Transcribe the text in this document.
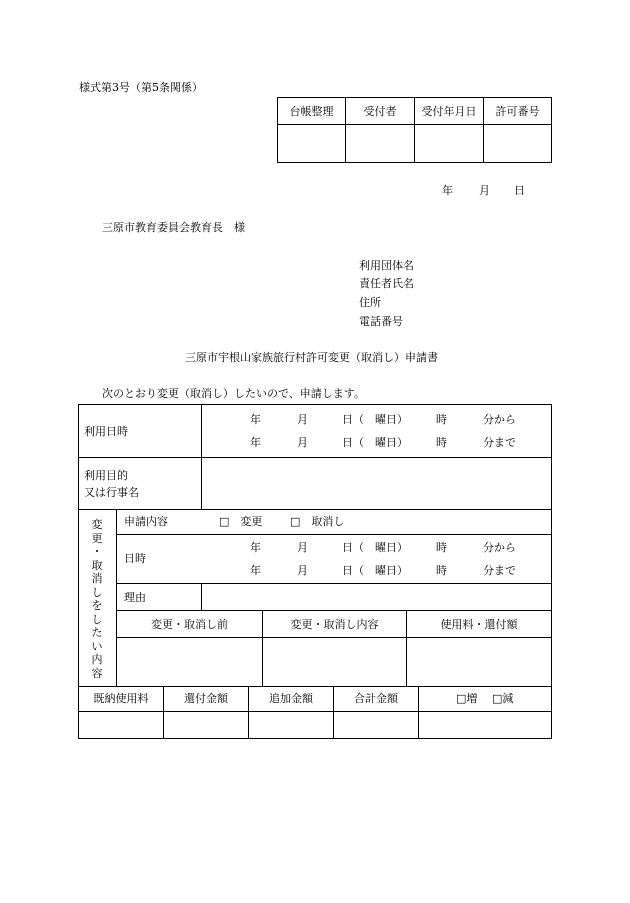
様式第3号（第5条関係）
台帳整理	受付者	受付年月日	許可番号
年 月 日
三原市教育委員会教育長　様
利用団体名
責任者氏名
住所
電話番号
三原市宇根山家族旅行村許可変更（取消し）申請書
次のとおり変更（取消し）したいので、申請します。
利用日時
年	月	日（　曜日）	時	分から
年	月	日（　曜日）	時	分まで
利用目的
又は行事名
変
更
・
取
消
し
を
し
た
い
内
容
申請内容	□　変更	□　取消し
日時
年	月	日（　曜日）	時	分から
年	月	日（　曜日）	時	分まで
理由
変更・取消し前	変更・取消し内容	使用料・還付額
既納使用料	還付金額	追加金額	合計金額	□増 □減
